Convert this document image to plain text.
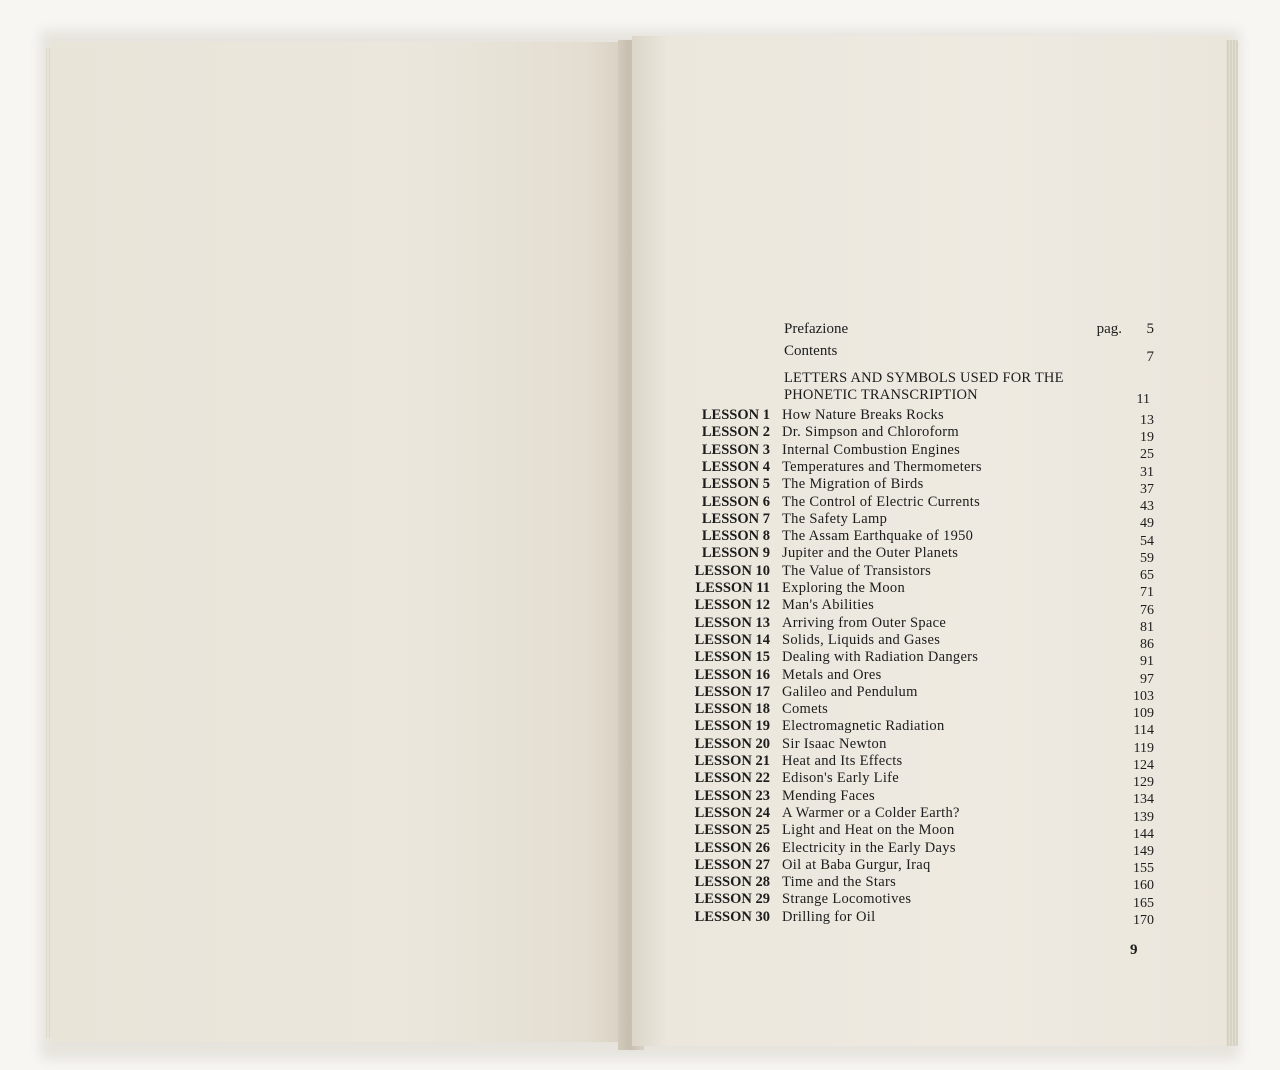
Prefazione	pag. 5
Contents	7
LETTERS AND SYMBOLS USED FOR THE
PHONETIC TRANSCRIPTION	11
LESSON 1 How Nature Breaks Rocks	13
LESSON 2 Dr. Simpson and Chloroform	19
LESSON 3 Internal Combustion Engines	25
LESSON 4 Temperatures and Thermometers	31
LESSON 5 The Migration of Birds	37
LESSON 6 The Control of Electric Currents	43
LESSON 7 The Safety Lamp	49
LESSON 8 The Assam Earthquake of 1950	54
LESSON 9 Jupiter and the Outer Planets	59
LESSON 10 The Value of Transistors	65
LESSON 11 Exploring the Moon	71
LESSON 12 Man's Abilities	76
LESSON 13 Arriving from Outer Space	81
LESSON 14 Solids, Liquids and Gases	86
LESSON 15 Dealing with Radiation Dangers	91
LESSON 16 Metals and Ores	97
LESSON 17 Galileo and Pendulum	103
LESSON 18 Comets	109
LESSON 19 Electromagnetic Radiation	114
LESSON 20 Sir Isaac Newton	119
LESSON 21 Heat and Its Effects	124
LESSON 22 Edison's Early Life	129
LESSON 23 Mending Faces	134
LESSON 24 A Warmer or a Colder Earth?	139
LESSON 25 Light and Heat on the Moon	144
LESSON 26 Electricity in the Early Days	149
LESSON 27 Oil at Baba Gurgur, Iraq	155
LESSON 28 Time and the Stars	160
LESSON 29 Strange Locomotives	165
LESSON 30 Drilling for Oil	170
9
